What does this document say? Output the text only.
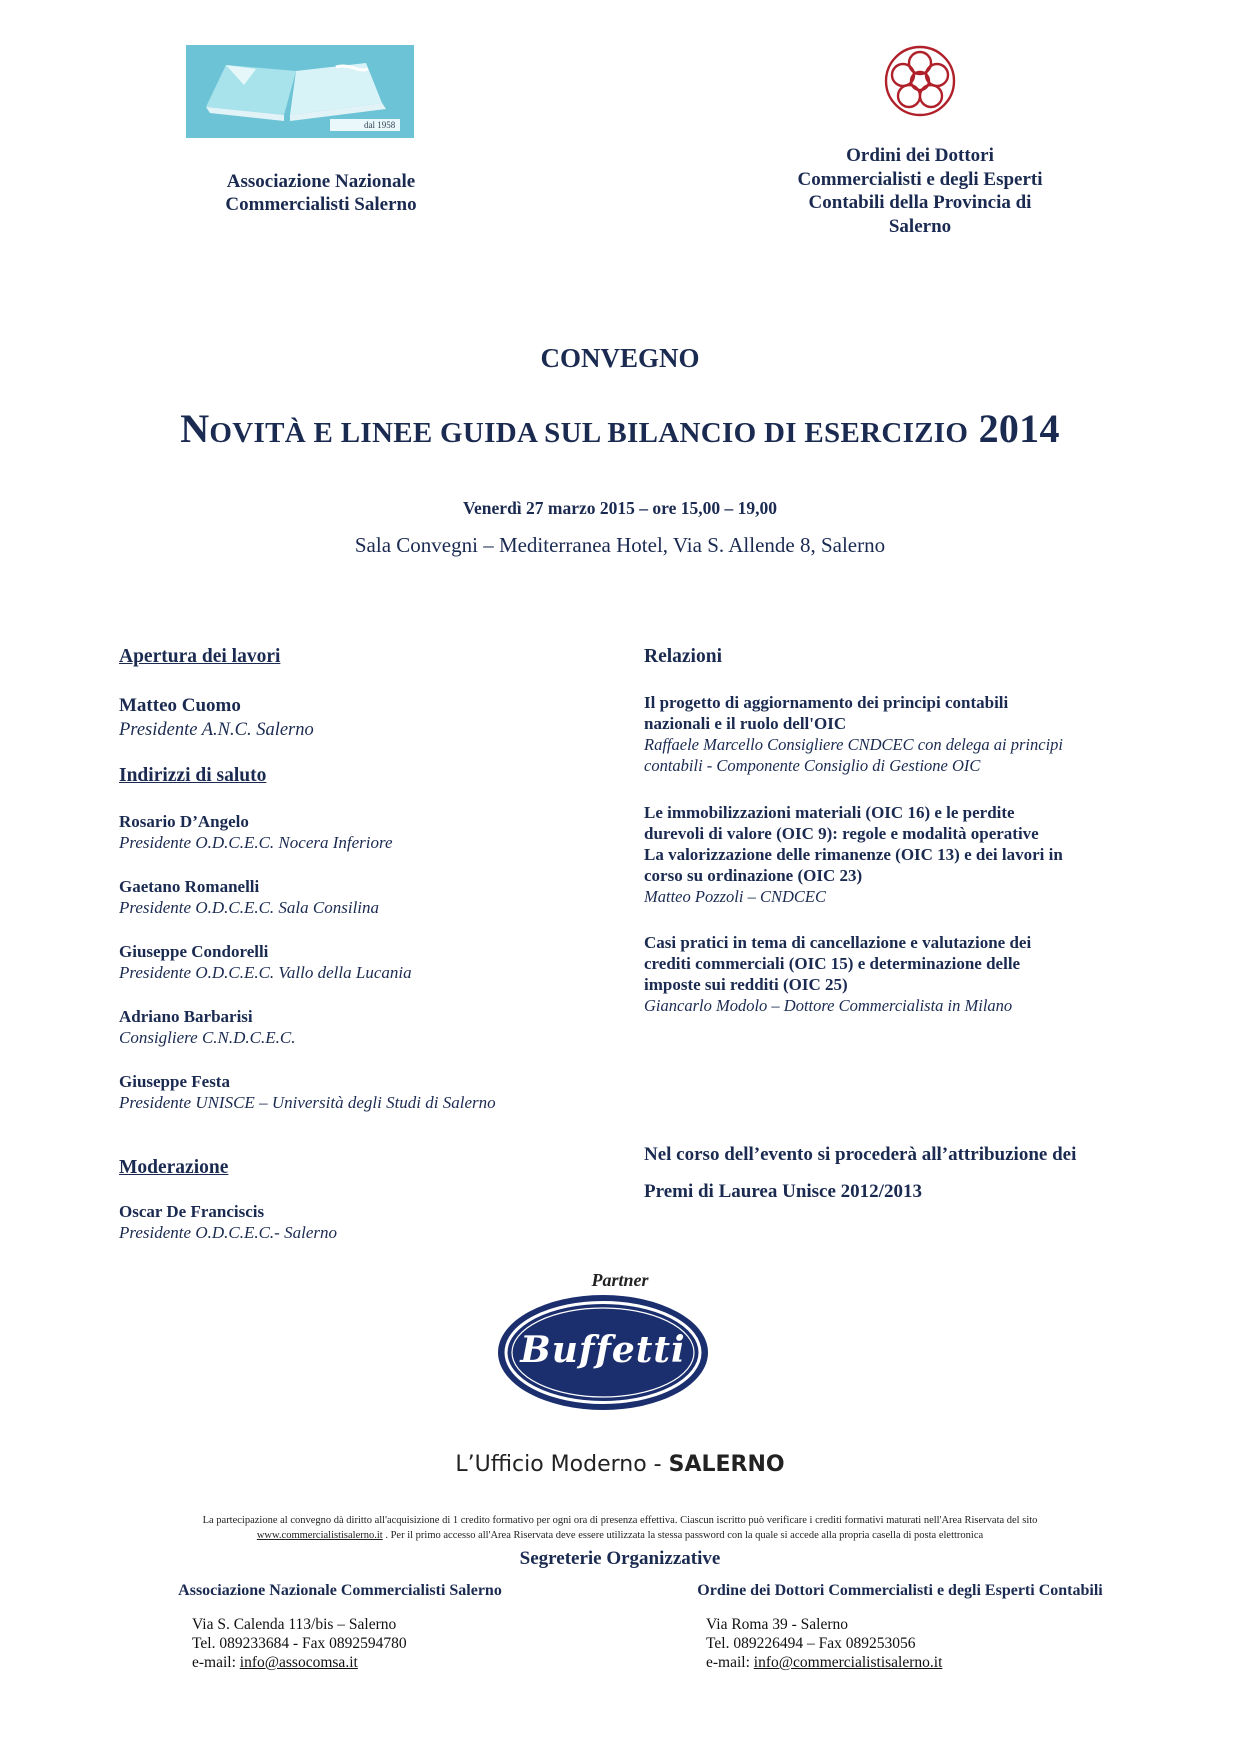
dal 1958
Associazione Nazionale
Commercialisti Salerno
Ordini dei Dottori
Commercialisti e degli Esperti
Contabili della Provincia di
Salerno
CONVEGNO
NOVITÀ E LINEE GUIDA SUL BILANCIO DI ESERCIZIO 2014
Venerdì 27 marzo 2015 – ore 15,00 – 19,00
Sala Convegni – Mediterranea Hotel, Via S. Allende 8, Salerno
Apertura dei lavori
Matteo Cuomo
Presidente A.N.C. Salerno
Indirizzi di saluto
Rosario D’Angelo
Presidente O.D.C.E.C. Nocera Inferiore
Gaetano Romanelli
Presidente O.D.C.E.C. Sala Consilina
Giuseppe Condorelli
Presidente O.D.C.E.C. Vallo della Lucania
Adriano Barbarisi
Consigliere C.N.D.C.E.C.
Giuseppe Festa
Presidente UNISCE – Università degli Studi di Salerno
Moderazione
Oscar De Franciscis
Presidente O.D.C.E.C.- Salerno
Relazioni
Il progetto di aggiornamento dei principi contabili
nazionali e il ruolo dell'OIC
Raffaele Marcello Consigliere CNDCEC con delega ai principi
contabili - Componente Consiglio di Gestione OIC
Le immobilizzazioni materiali (OIC 16) e le perdite
durevoli di valore (OIC 9): regole e modalità operative
La valorizzazione delle rimanenze (OIC 13) e dei lavori in
corso su ordinazione (OIC 23)
Matteo Pozzoli – CNDCEC
Casi pratici in tema di cancellazione e valutazione dei
crediti commerciali (OIC 15) e determinazione delle
imposte sui redditi (OIC 25)
Giancarlo Modolo – Dottore Commercialista in Milano
Nel corso dell’evento si procederà all’attribuzione dei
Premi di Laurea Unisce 2012/2013
Partner
Buffetti
L’Ufficio Moderno - SALERNO
La partecipazione al convegno dà diritto all'acquisizione di 1 credito formativo per ogni ora di presenza effettiva. Ciascun iscritto può verificare i crediti formativi maturati nell'Area Riservata del sito
www.commercialistisalerno.it . Per il primo accesso all'Area Riservata deve essere utilizzata la stessa password con la quale si accede alla propria casella di posta elettronica
Segreterie Organizzative
Associazione Nazionale Commercialisti Salerno
Via S. Calenda 113/bis – Salerno
Tel. 089233684 - Fax 0892594780
e-mail: info@assocomsa.it
Ordine dei Dottori Commercialisti e degli Esperti Contabili
Via Roma 39 - Salerno
Tel. 089226494 – Fax 089253056
e-mail: info@commercialistisalerno.it
